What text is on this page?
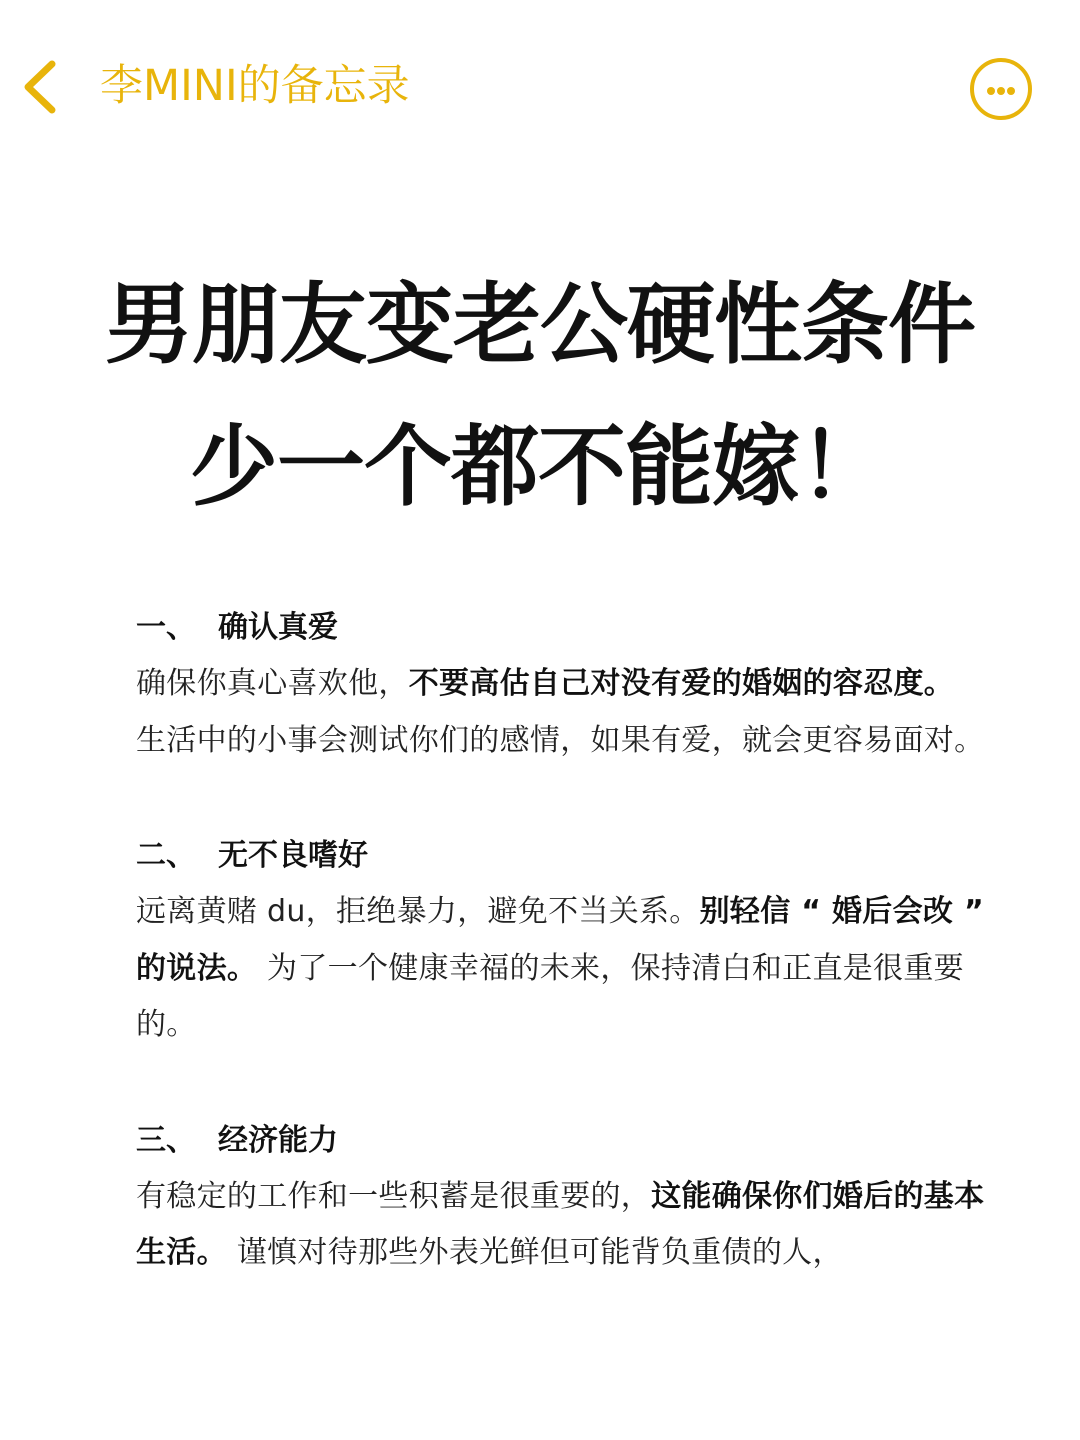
李MINI的备忘录
男朋友变老公硬性条件
少一个都不能嫁！
一、 确认真爱
确保你真心喜欢他，不要高估自己对没有爱的婚姻的容忍度。 生活中的小事会测试你们的感情，如果有爱，就会更容易面对。
二、 无不良嗜好
远离黄赌 du，拒绝暴力，避免不当关系。别轻信 “ 婚后会改 ” 的说法。 为了一个健康幸福的未来，保持清白和正直是很重要的。
三、 经济能力
有稳定的工作和一些积蓄是很重要的，这能确保你们婚后的基本生活。 谨慎对待那些外表光鲜但可能背负重债的人，
